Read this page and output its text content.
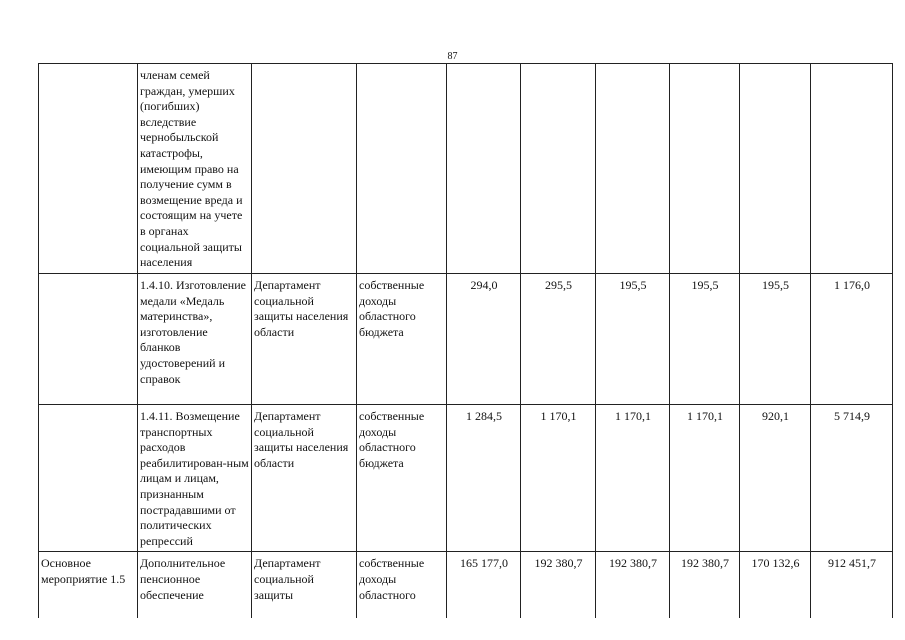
87

	членам семей граждан, умерших (погибших) вследствие чернобыльской катастрофы, имеющим право на получение сумм в возмещение вреда и состоящим на учете в органах социальной защиты населения								

	1.4.10. Изготовление медали «Медаль материнства», изготовление бланков удостоверений и справок	Департамент социальной защиты населения области	собственные доходы областного бюджета	294,0	295,5	195,5	195,5	195,5	1 176,0

	1.4.11. Возмещение транспортных расходов реабилитирован-ным лицам и лицам, признанным пострадавшими от политических репрессий	Департамент социальной защиты населения области	собственные доходы областного бюджета	1 284,5	1 170,1	1 170,1	1 170,1	920,1	5 714,9

Основное мероприятие 1.5	Дополнительное пенсионное обеспечение	Департамент социальной защиты	собственные доходы областного	165 177,0	192 380,7	192 380,7	192 380,7	170 132,6	912 451,7
